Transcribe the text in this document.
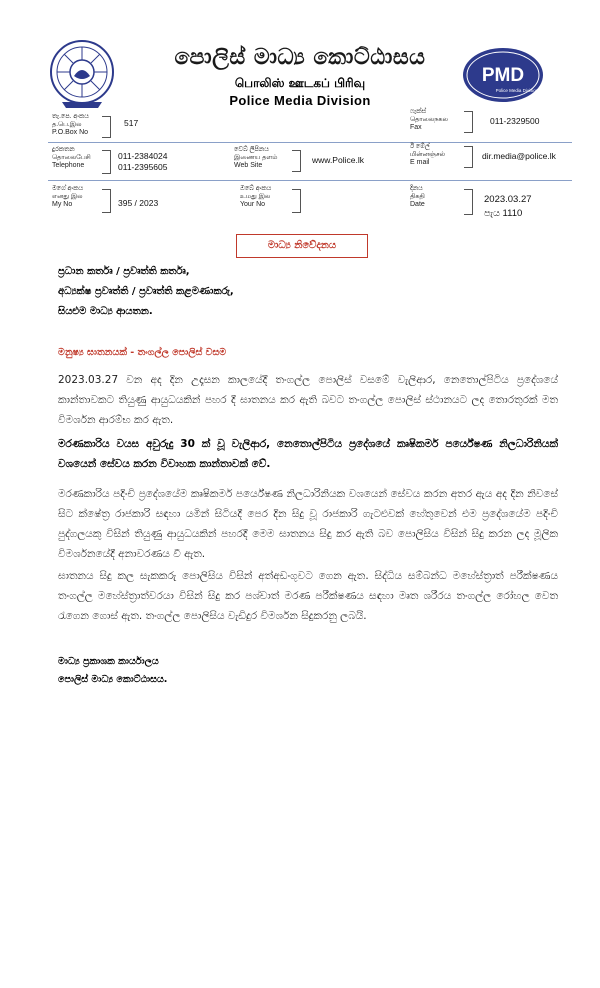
PMD
Police Media Division
පොලිස් මාධ්‍ය කොට්ඨාසය
பொலிஸ் ஊடகப் பிரிவு
Police Media Division
තැ.පෙ. අංකය
த.பெ.இல
P.O.Box No
517
ෆැක්ස්
தொலைநகல
Fax
011-2329500
දුරකතන
தொலைபேசி
Telephone
011-2384024
011-2395605
වෙබ් ලිපිනය
இணைய தளம்
Web Site
www.Police.lk
ඊ මේල්
மின்னஞ்சல்
E mail
dir.media@police.lk
මගේ අංකය
எனது இல
My No	395 / 2023
ඔබේ අංකය
உமது இல
Your No
දිනය
திகதி
Date	2023.03.27
පැය 1110
මාධ්‍ය නිවේදනය
ප්‍රධාන කර්තෘ / ප්‍රවෘත්ති කර්තෘ,
අධ්‍යක්ෂ ප්‍රවෘත්ති / ප්‍රවෘත්ති කළමණාකරු,
සියළුම මාධ්‍ය ආයතන.
මනුෂ්‍ය ඝාතනයක් - තංගල්ල පොලිස් වසම
2023.03.27 වන අද දින උදෑසන කාලයේදී තංගල්ල පොලිස් වසමේ වැලිආර, නෙතොල්පිටිය ප්‍රදේශයේ කාන්තාවකට තියුණු ආයුධයකින් පහර දී ඝාතනය කර ඇති බවට තංගල්ල පොලිස් ස්ථානයට ලද තොරතුරක් මත විමර්ශන ආරම්භ කර ඇත.
මරණකාරිය වයස අවුරුදු 30 ක් වූ වැලිආර, නෙතොල්පිටිය ප්‍රදේශයේ කෘෂිකර්ම පර්යේෂණ නිලධාරිනියක් වශයෙන් සේවය කරන විවාහක කාන්තාවක් වේ.
මරණකාරිය පදිංචි ප්‍රදේශයේම කෘෂිකර්ම පර්යේෂණ නිලධාරිනියක වශයෙන් සේවය කරන අතර ඇය අද දින නිවසේ සිට ක්ෂේත්‍ර රාජකාරි සඳහා යමින් සිටියදී පෙර දින සිදු වූ රාජකාරි ගැටළුවක් හේතුවෙන් එම ප්‍රදේශයේම පදිංචි පුද්ගලයකු විසින් තියුණු ආයුධයකින් පහරදී මෙම ඝාතනය සිදු කර ඇති බව පොලිසිය විසින් සිදු කරන ලද මූලික විමර්ශනයේදී අනාවරණය වී ඇත.
ඝාතනය සිදු කල සැකකරු පොලිසිය විසින් අත්අඩංගුවට ගෙන ඇත. සිද්ධිය සම්බන්ධ මහේස්ත්‍රාත් පරීක්ෂණය තංගල්ල මහේස්ත්‍රාත්වරයා විසින් සිදු කර පශ්චාත් මරණ පරීක්ෂණය සඳහා මෘත ශරීරය තංගල්ල රෝහල වෙත රැගෙන ගොස් ඇත. තංගල්ල පොලිසිය වැඩිදුර විමර්ශන සිදුකරනු ලබයි.
මාධ්‍ය ප්‍රකාශක කාර්යාලය
පොලිස් මාධ්‍ය කොට්ඨාසය.
